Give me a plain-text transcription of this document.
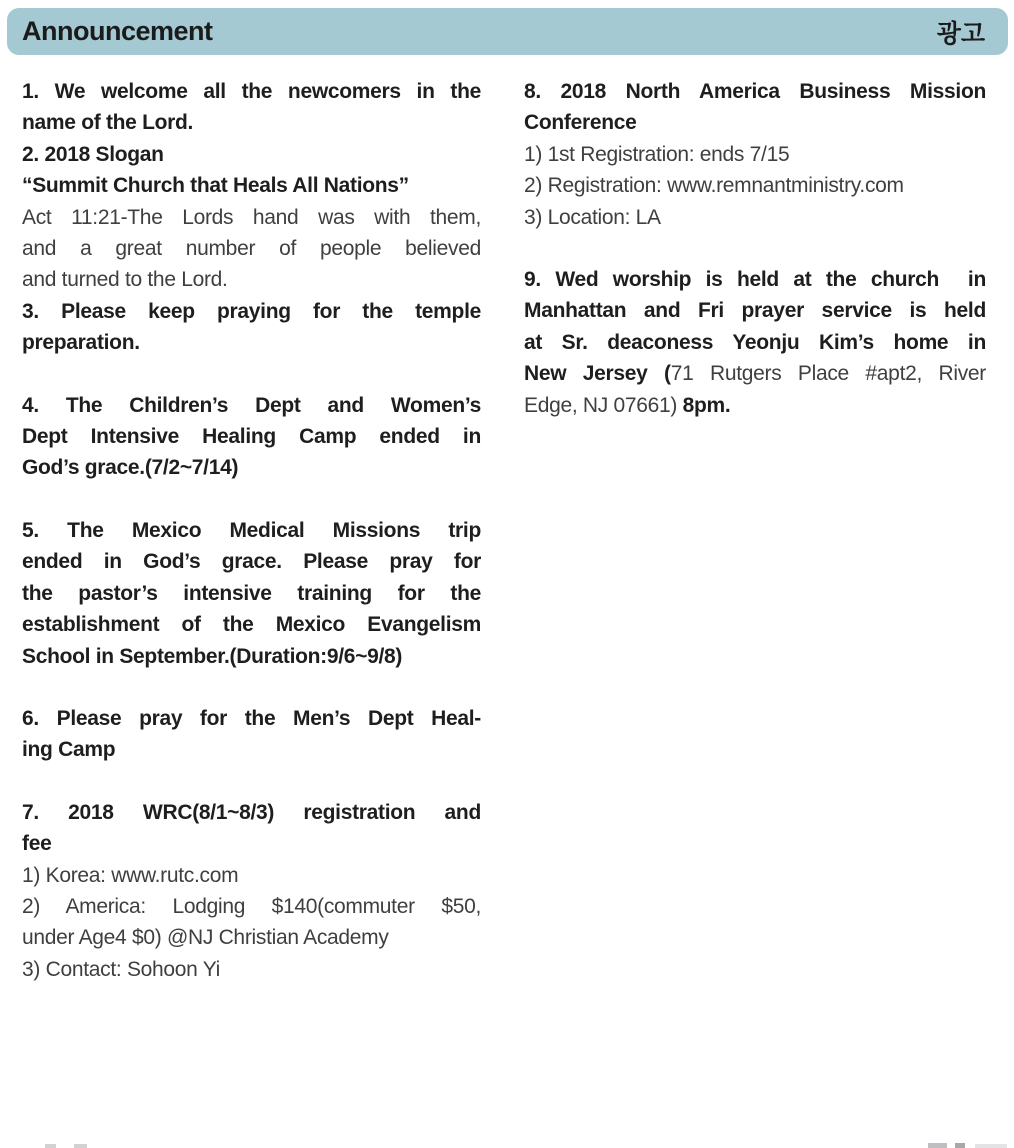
Announcement	광고
1. We welcome all the newcomers in the
name of the Lord.
2. 2018 Slogan
“Summit Church that Heals All Nations”
Act 11:21-The Lords hand was with them,
and a great number of people believed
and turned to the Lord.
3. Please keep praying for the temple
preparation.
4. The Children’s Dept and Women’s
Dept Intensive Healing Camp ended in
God’s grace.(7/2~7/14)
5. The Mexico Medical Missions trip
ended in God’s grace. Please pray for
the pastor’s intensive training for the
establishment of the Mexico Evangelism
School in September.(Duration:9/6~9/8)
6. Please pray for the Men’s Dept Heal-
ing Camp
7. 2018 WRC(8/1~8/3) registration and
fee
1) Korea: www.rutc.com
2) America: Lodging $140(commuter $50,
under Age4 $0) @NJ Christian Academy
3) Contact: Sohoon Yi
8. 2018 North America Business Mission
Conference
1) 1st Registration: ends 7/15
2) Registration: www.remnantministry.com
3) Location: LA
9. Wed worship is held at the church  in
Manhattan and Fri prayer service is held
at Sr. deaconess Yeonju Kim’s home in
New Jersey (71 Rutgers Place #apt2, River
Edge, NJ 07661) 8pm.
